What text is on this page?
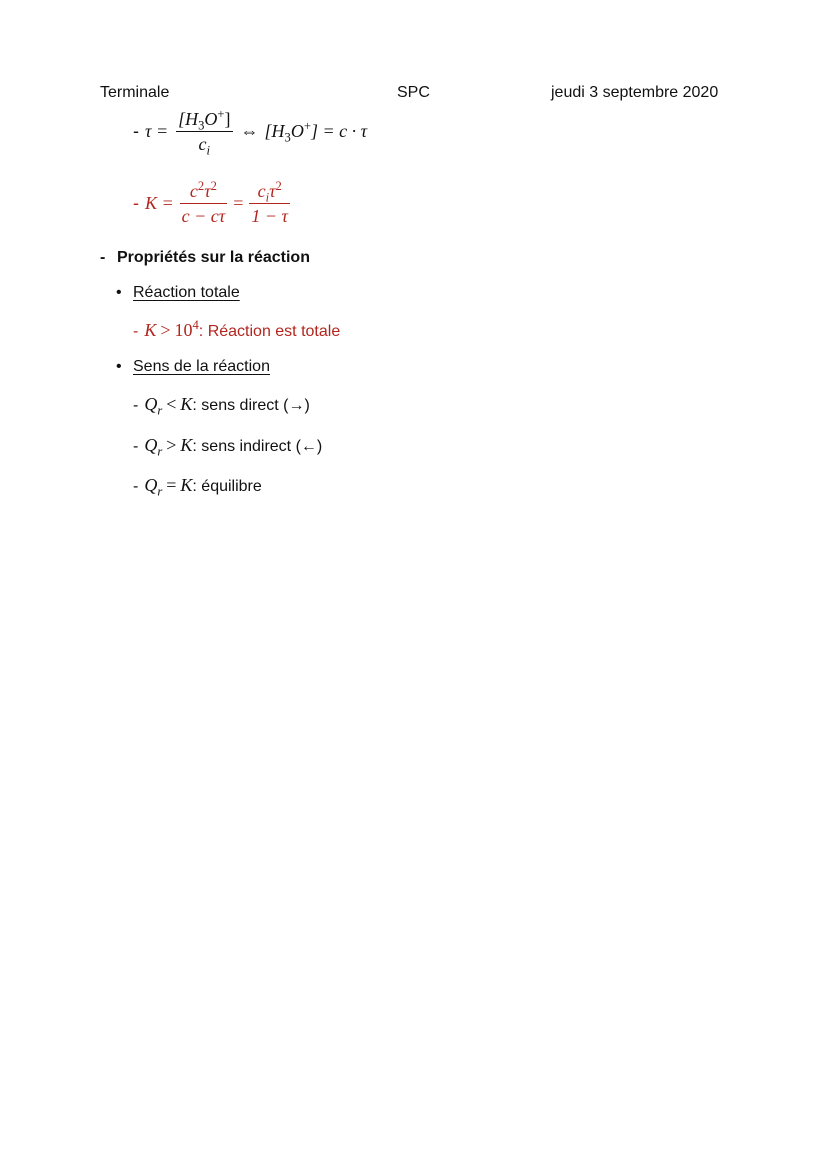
Terminale	SPC	jeudi 3 septembre 2020
- $\tau = \frac{[H_3O^+]}{c_i}$ ⇔ $[H_3O^+] = c \cdot \tau$
- $K = \frac{c^2\tau^2}{c - c\tau} = \frac{c_i\tau^2}{1 - \tau}$
- Propriétés sur la réaction
• Réaction totale
- $K > 10^4$: Réaction est totale
• Sens de la réaction
- $Q_r < K$: sens direct (→)
- $Q_r > K$: sens indirect (←)
- $Q_r = K$: équilibre
